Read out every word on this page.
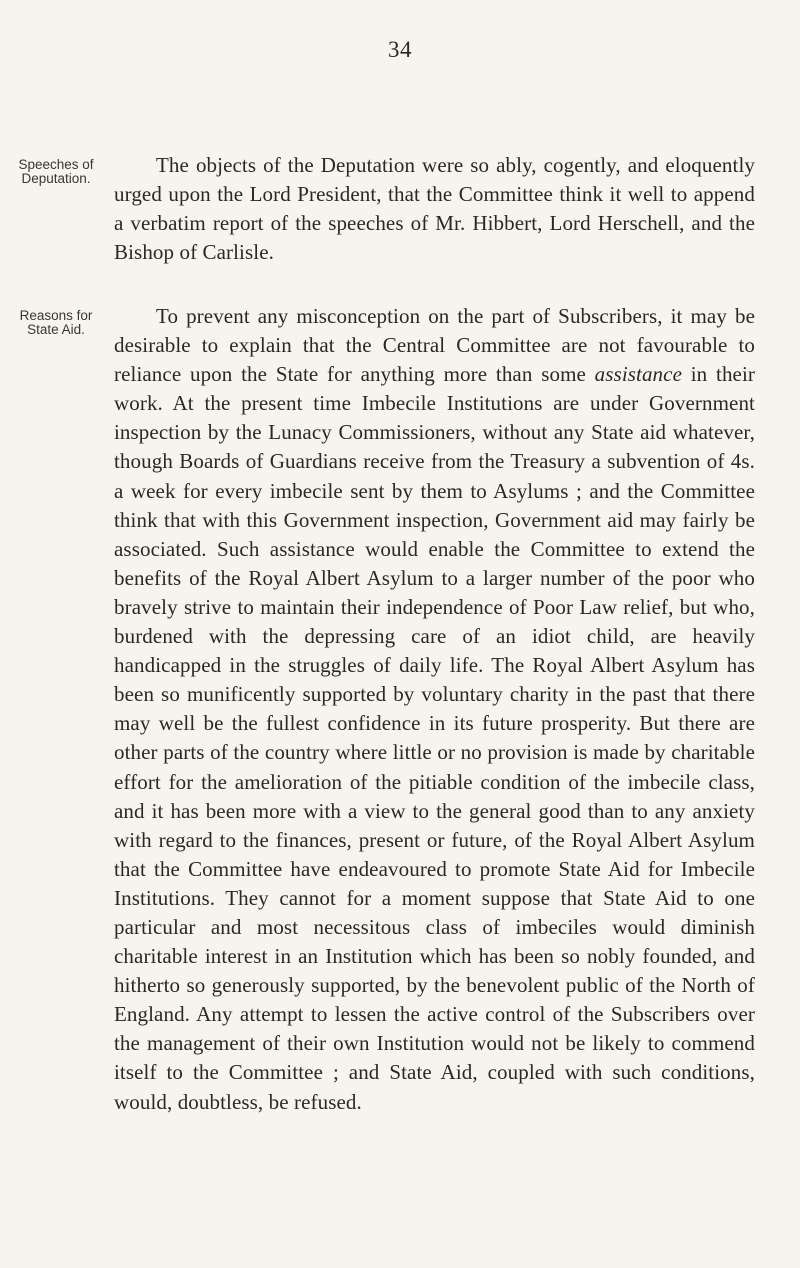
34
Speeches of
Deputation.
Reasons for
State Aid.

The objects of the Deputation were so ably, cogently, and eloquently urged upon the Lord President, that the Committee think it well to append a verbatim report of the speeches of Mr. Hibbert, Lord Herschell, and the Bishop of Carlisle.

To prevent any misconception on the part of Subscribers, it may be desirable to explain that the Central Committee are not favourable to reliance upon the State for anything more than some assistance in their work. At the present time Imbecile Institutions are under Government inspection by the Lunacy Commissioners, without any State aid whatever, though Boards of Guardians receive from the Treasury a subvention of 4s. a week for every imbecile sent by them to Asylums ; and the Committee think that with this Government inspection, Government aid may fairly be associated. Such assistance would enable the Committee to extend the benefits of the Royal Albert Asylum to a larger number of the poor who bravely strive to maintain their independence of Poor Law relief, but who, burdened with the depressing care of an idiot child, are heavily handicapped in the struggles of daily life. The Royal Albert Asylum has been so munificently supported by voluntary charity in the past that there may well be the fullest confidence in its future prosperity. But there are other parts of the country where little or no provision is made by charitable effort for the amelioration of the pitiable condition of the imbecile class, and it has been more with a view to the general good than to any anxiety with regard to the finances, present or future, of the Royal Albert Asylum that the Committee have endeavoured to promote State Aid for Imbecile Institutions. They cannot for a moment suppose that State Aid to one particular and most necessitous class of imbeciles would diminish charitable interest in an Institution which has been so nobly founded, and hitherto so generously supported, by the benevolent public of the North of England. Any attempt to lessen the active control of the Subscribers over the management of their own Institution would not be likely to commend itself to the Committee ; and State Aid, coupled with such conditions, would, doubtless, be refused.
